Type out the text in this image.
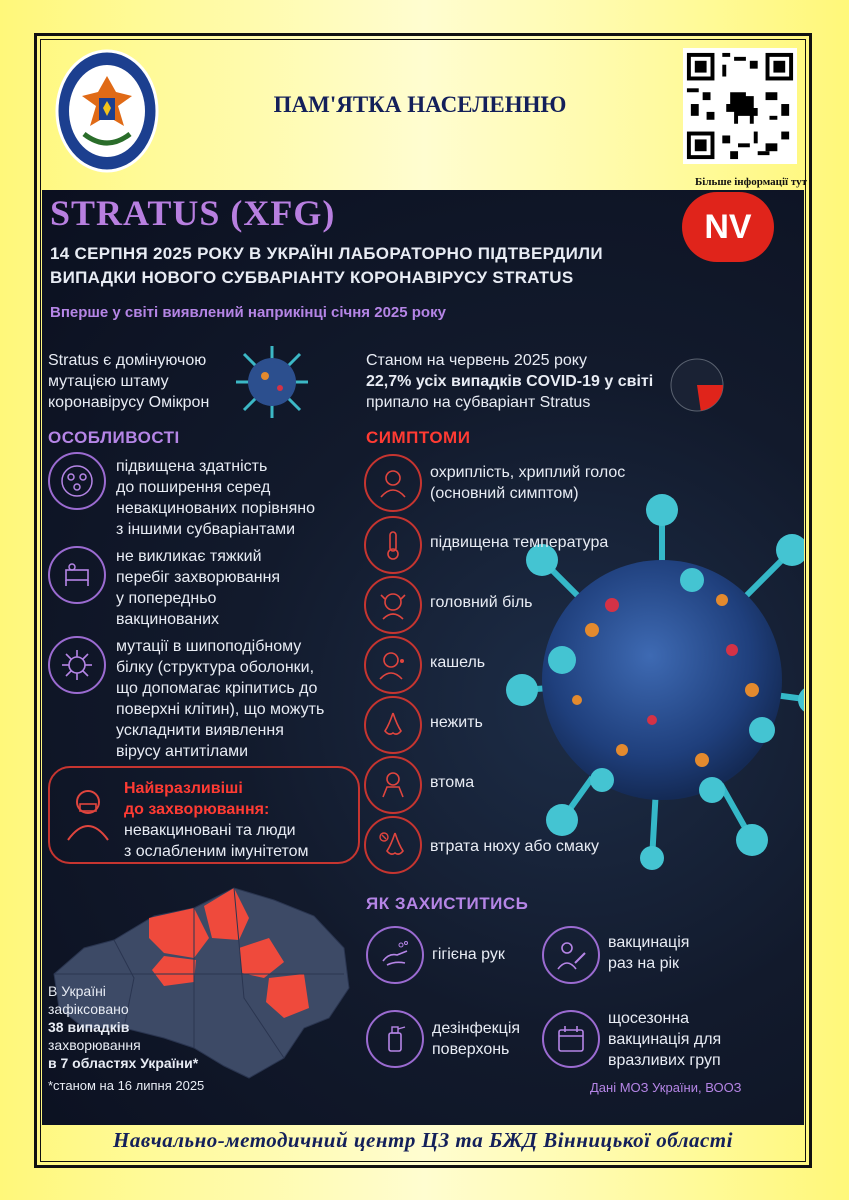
ПАМ'ЯТКА НАСЕЛЕННЮ
Більше інформації тут
STRATUS (XFG)	NV
14 СЕРПНЯ 2025 РОКУ В УКРАЇНІ ЛАБОРАТОРНО ПІДТВЕРДИЛИ
ВИПАДКИ НОВОГО СУБВАРІАНТУ КОРОНАВІРУСУ STRATUS
Вперше у світі виявлений наприкінці січня 2025 року
Stratus є домінуючою
мутацією штаму
коронавірусу Омікрон
Станом на червень 2025 року
22,7% усіх випадків COVID-19 у світі
припало на субваріант Stratus
ОСОБЛИВОСТІ
підвищена здатність
до поширення серед
невакцинованих порівняно
з іншими субваріантами
не викликає тяжкий
перебіг захворювання
у попередньо
вакцинованих
мутації в шипоподібному
білку (структура оболонки,
що допомагає кріпитись до
поверхні клітин), що можуть
ускладнити виявлення
вірусу антитілами
Найвразливіші
до захворювання:
невакциновані та люди
з ослабленим імунітетом
СИМПТОМИ
охриплість, хриплий голос
(основний симптом)
підвищена температура
головний біль
кашель
нежить
втома
втрата нюху або смаку
В Україні
зафіксовано
38 випадків
захворювання
в 7 областях України*
*станом на 16 липня 2025
ЯК ЗАХИСТИТИСЬ
гігієна рук
вакцинація
раз на рік
дезінфекція
поверхонь
щосезонна
вакцинація для
вразливих груп
Дані МОЗ України, ВООЗ
Навчально-методичний центр ЦЗ та БЖД Вінницької області
